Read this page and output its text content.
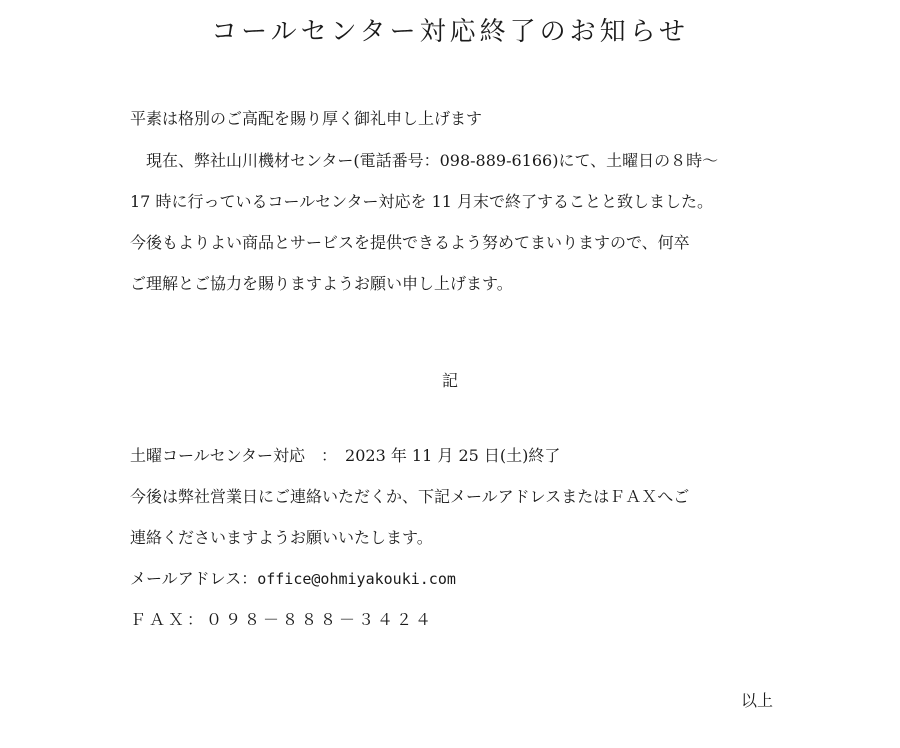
コールセンター対応終了のお知らせ
平素は格別のご高配を賜り厚く御礼申し上げます
　現在、弊社山川機材センター(電話番号：098-889-6166)にて、土曜日の８時～
17 時に行っているコールセンター対応を 11 月末で終了することと致しました。
今後もよりよい商品とサービスを提供できるよう努めてまいりますので、何卒
ご理解とご協力を賜りますようお願い申し上げます。
記
土曜コールセンター対応　：　2023 年 11 月 25 日(土)終了
今後は弊社営業日にご連絡いただくか、下記メールアドレスまたはＦＡＸへご
連絡くださいますようお願いいたします。
メールアドレス：office@ohmiyakouki.com
ＦＡＸ：０９８－８８８－３４２４
以上
